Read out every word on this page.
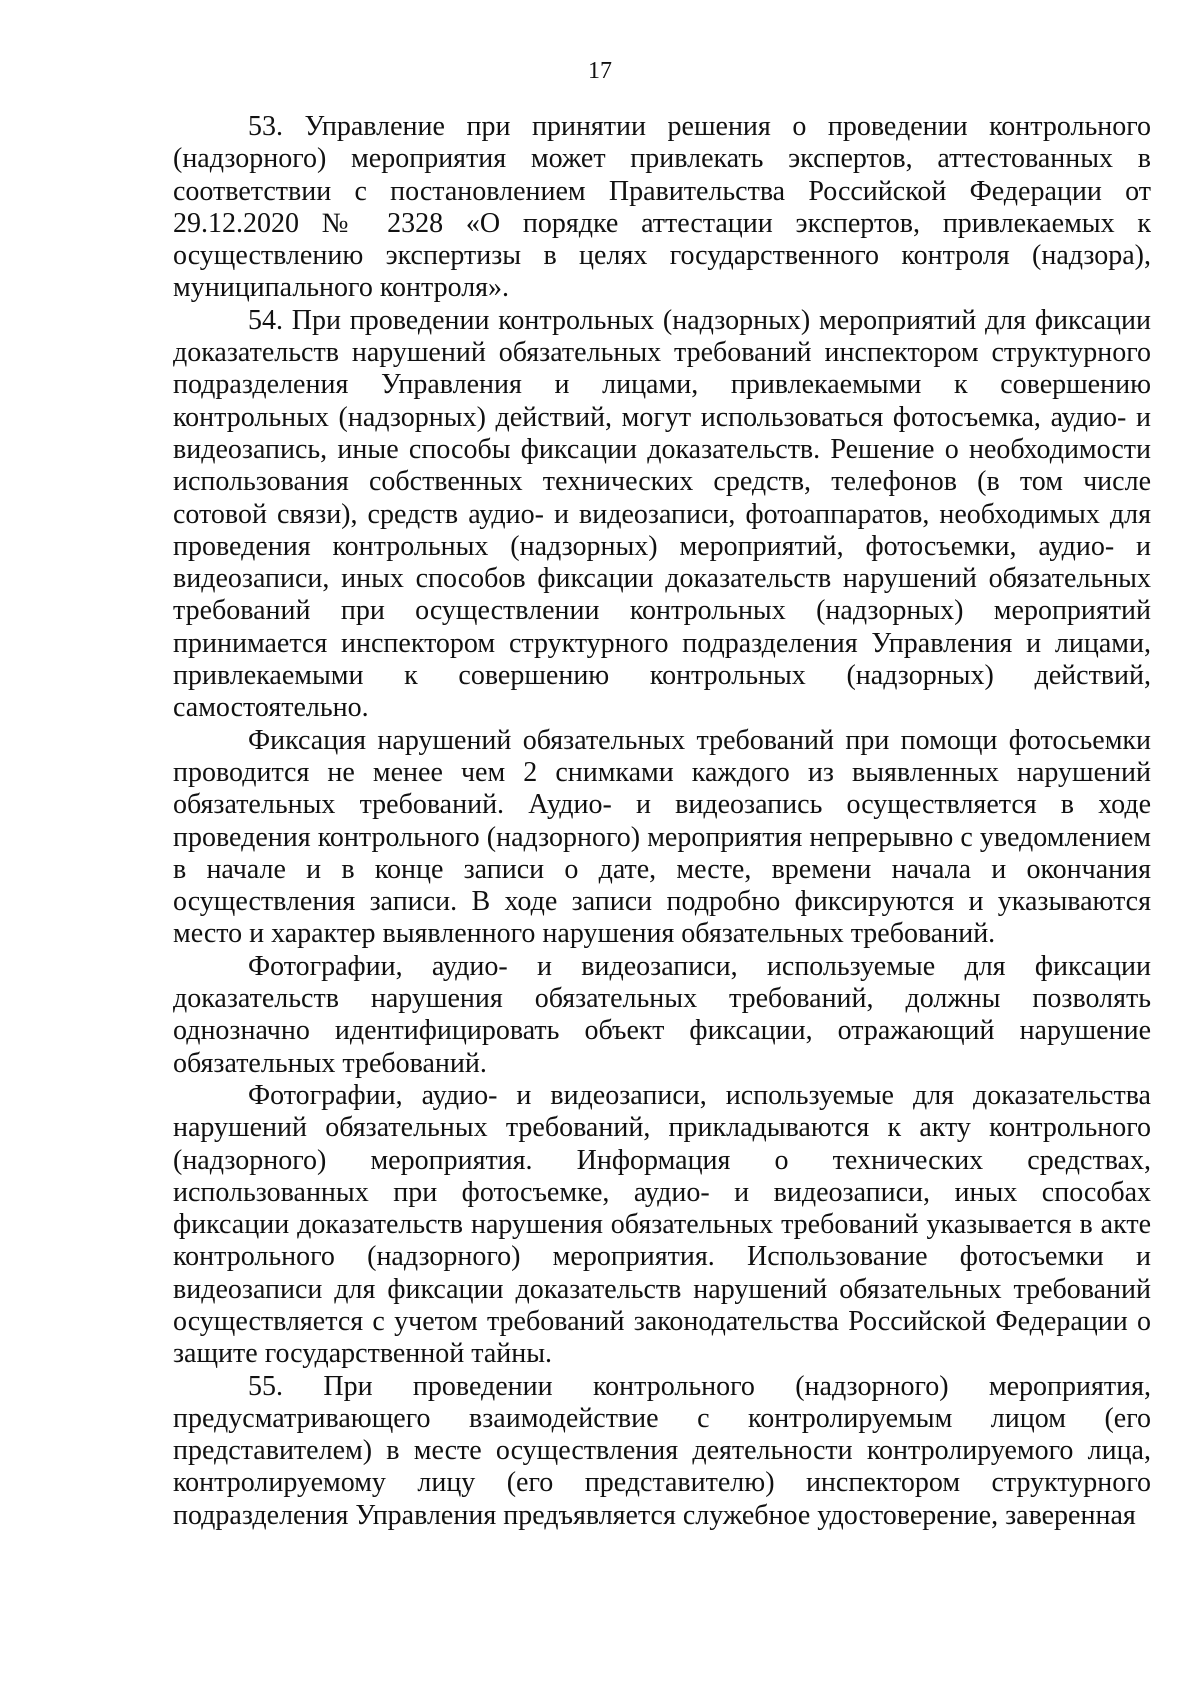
17

53. Управление при принятии решения о проведении контрольного (надзорного) мероприятия может привлекать экспертов, аттестованных в соответствии с постановлением Правительства Российской Федерации от 29.12.2020 № 2328 «О порядке аттестации экспертов, привлекаемых к осуществлению экспертизы в целях государственного контроля (надзора), муниципального контроля».

54. При проведении контрольных (надзорных) мероприятий для фиксации доказательств нарушений обязательных требований инспектором структурного подразделения Управления и лицами, привлекаемыми к совершению контрольных (надзорных) действий, могут использоваться фотосъемка, аудио- и видеозапись, иные способы фиксации доказательств. Решение о необходимости использования собственных технических средств, телефонов (в том числе сотовой связи), средств аудио- и видеозаписи, фотоаппаратов, необходимых для проведения контрольных (надзорных) мероприятий, фотосъемки, аудио- и видеозаписи, иных способов фиксации доказательств нарушений обязательных требований при осуществлении контрольных (надзорных) мероприятий принимается инспектором структурного подразделения Управления и лицами, привлекаемыми к совершению контрольных (надзорных) действий, самостоятельно.

Фиксация нарушений обязательных требований при помощи фотосьемки проводится не менее чем 2 снимками каждого из выявленных нарушений обязательных требований. Аудио- и видеозапись осуществляется в ходе проведения контрольного (надзорного) мероприятия непрерывно с уведомлением в начале и в конце записи о дате, месте, времени начала и окончания осуществления записи. В ходе записи подробно фиксируются и указываются место и характер выявленного нарушения обязательных требований.

Фотографии, аудио- и видеозаписи, используемые для фиксации доказательств нарушения обязательных требований, должны позволять однозначно идентифицировать объект фиксации, отражающий нарушение обязательных требований.

Фотографии, аудио- и видеозаписи, используемые для доказательства нарушений обязательных требований, прикладываются к акту контрольного (надзорного) мероприятия. Информация о технических средствах, использованных при фотосъемке, аудио- и видеозаписи, иных способах фиксации доказательств нарушения обязательных требований указывается в акте контрольного (надзорного) мероприятия. Использование фотосъемки и видеозаписи для фиксации доказательств нарушений обязательных требований осуществляется с учетом требований законодательства Российской Федерации о защите государственной тайны.

55. При проведении контрольного (надзорного) мероприятия, предусматривающего взаимодействие с контролируемым лицом (его представителем) в месте осуществления деятельности контролируемого лица, контролируемому лицу (его представителю) инспектором структурного подразделения Управления предъявляется служебное удостоверение, заверенная
